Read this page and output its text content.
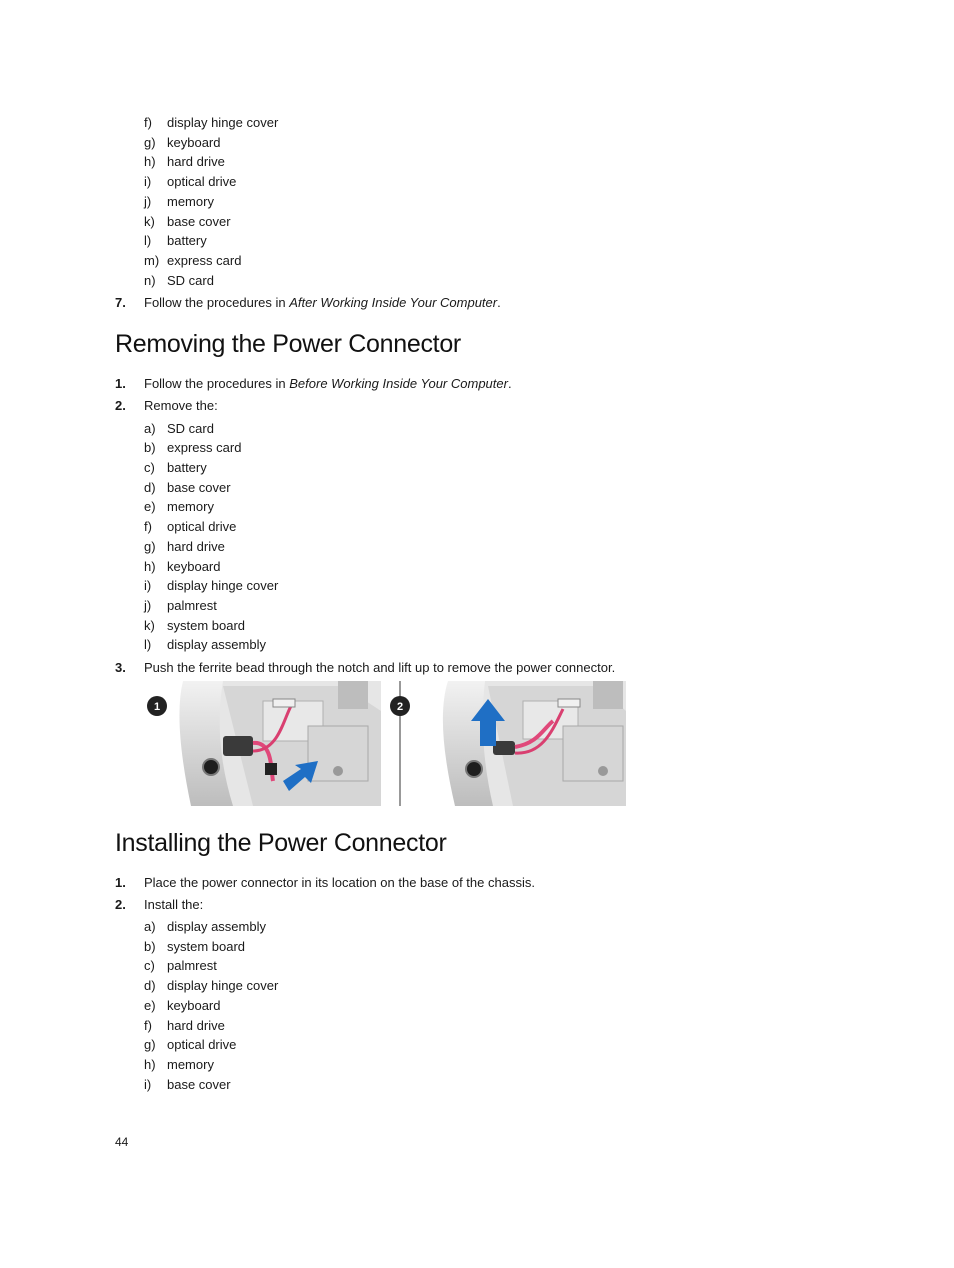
f) display hinge cover
g) keyboard
h) hard drive
i) optical drive
j) memory
k) base cover
l) battery
m) express card
n) SD card
7. Follow the procedures in After Working Inside Your Computer.
Removing the Power Connector
1. Follow the procedures in Before Working Inside Your Computer.
2. Remove the:
a) SD card
b) express card
c) battery
d) base cover
e) memory
f) optical drive
g) hard drive
h) keyboard
i) display hinge cover
j) palmrest
k) system board
l) display assembly
3. Push the ferrite bead through the notch and lift up to remove the power connector.
1	2
Installing the Power Connector
1. Place the power connector in its location on the base of the chassis.
2. Install the:
a) display assembly
b) system board
c) palmrest
d) display hinge cover
e) keyboard
f) hard drive
g) optical drive
h) memory
i) base cover
44
